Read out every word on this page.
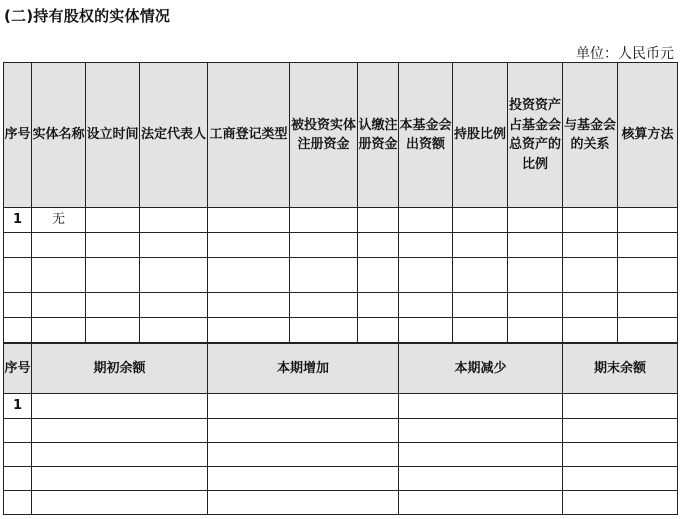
(二)持有股权的实体情况
单位：人民币元
序号	实体名称	设立时间	法定代表人	工商登记类型	被投资实体注册资金	认缴注册资金	本基金会出资额	持股比例	投资资产占基金会总资产的比例	与基金会的关系	核算方法
1	无										

序号	期初余额	本期增加	本期减少	期末余额
1				
